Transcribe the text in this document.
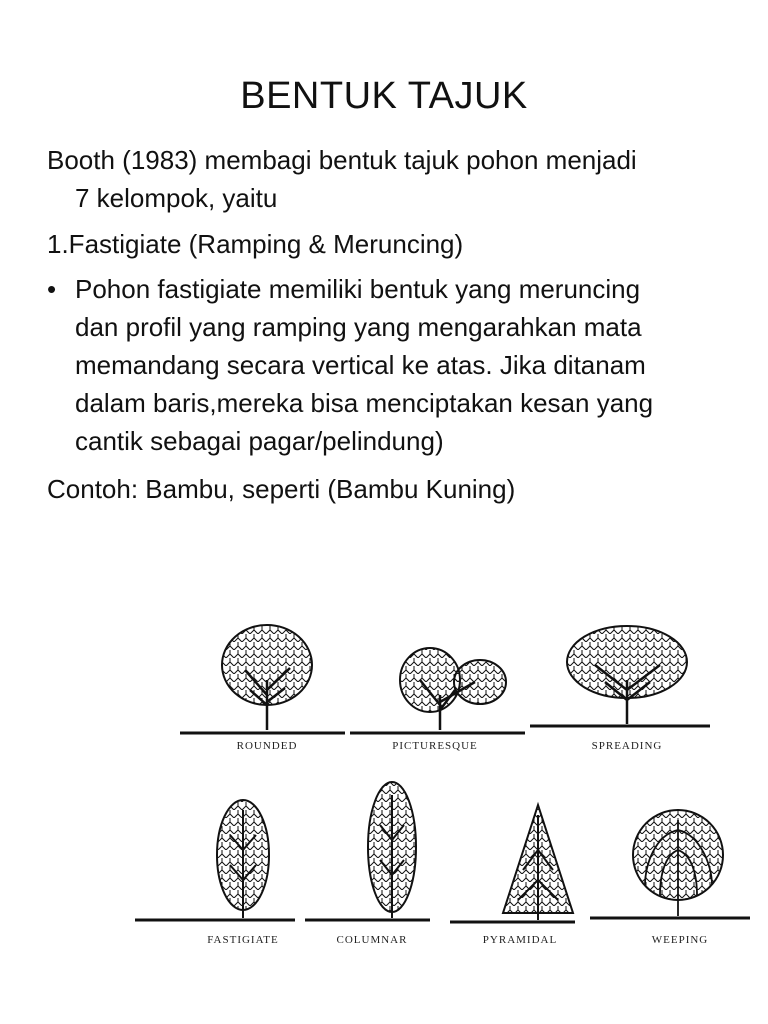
BENTUK TAJUK

Booth (1983) membagi bentuk tajuk pohon menjadi
7 kelompok, yaitu

1.Fastigiate (Ramping & Meruncing)

• Pohon fastigiate memiliki bentuk yang meruncing
dan profil yang ramping yang mengarahkan mata
memandang secara vertical ke atas. Jika ditanam
dalam baris,mereka bisa menciptakan kesan yang
cantik sebagai pagar/pelindung)

Contoh: Bambu, seperti (Bambu Kuning)

ROUNDED	PICTURESQUE	SPREADING
FASTIGIATE	COLUMNAR	PYRAMIDAL	WEEPING
